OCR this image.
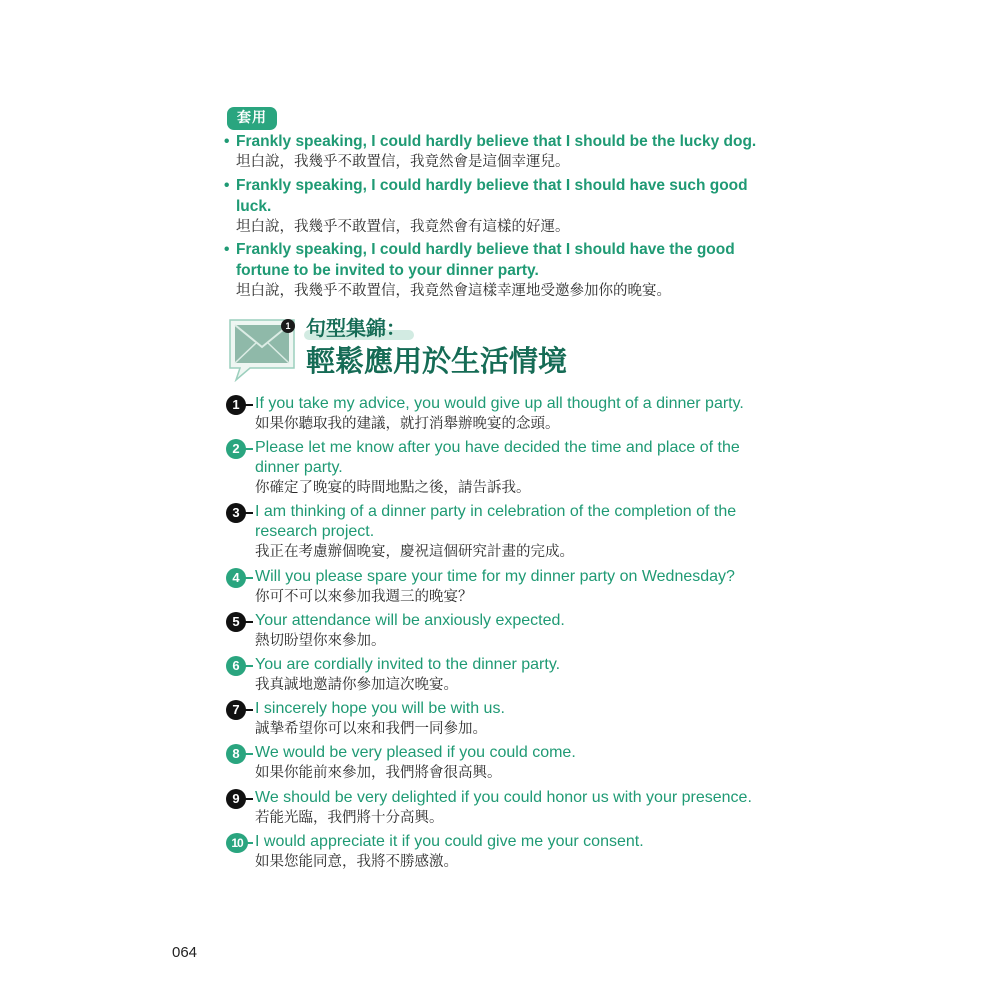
套用

• Frankly speaking, I could hardly believe that I should be the lucky dog.

坦白說，我幾乎不敢置信，我竟然會是這個幸運兒。

• Frankly speaking, I could hardly believe that I should have such good

luck.

坦白說，我幾乎不敢置信，我竟然會有這樣的好運。

• Frankly speaking, I could hardly believe that I should have the good

fortune to be invited to your dinner party.

坦白說，我幾乎不敢置信，我竟然會這樣幸運地受邀參加你的晚宴。

1 句型集錦：
輕鬆應用於生活情境
1 If you take my advice, you would give up all thought of a dinner party.

如果你聽取我的建議，就打消舉辦晚宴的念頭。

2 Please let me know after you have decided the time and place of the

dinner party.

你確定了晚宴的時間地點之後，請告訴我。

3 I am thinking of a dinner party in celebration of the completion of the

research project.

我正在考慮辦個晚宴，慶祝這個研究計畫的完成。

4 Will you please spare your time for my dinner party on Wednesday?

你可不可以來參加我週三的晚宴？

5 Your attendance will be anxiously expected.

熱切盼望你來參加。

6 You are cordially invited to the dinner party.

我真誠地邀請你參加這次晚宴。

7 I sincerely hope you will be with us.

誠摯希望你可以來和我們一同參加。

8 We would be very pleased if you could come.

如果你能前來參加，我們將會很高興。

9 We should be very delighted if you could honor us with your presence.

若能光臨，我們將十分高興。

10 I would appreciate it if you could give me your consent.

如果您能同意，我將不勝感激。

064
